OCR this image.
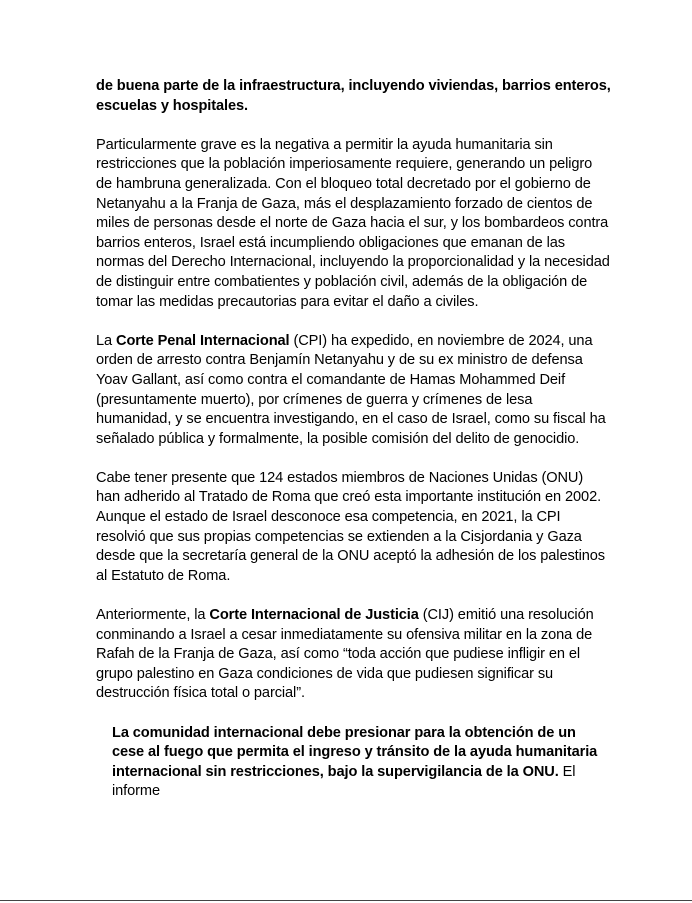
de buena parte de la infraestructura, incluyendo viviendas, barrios enteros, escuelas y hospitales.

Particularmente grave es la negativa a permitir la ayuda humanitaria sin restricciones que la población imperiosamente requiere, generando un peligro de hambruna generalizada. Con el bloqueo total decretado por el gobierno de Netanyahu a la Franja de Gaza, más el desplazamiento forzado de cientos de miles de personas desde el norte de Gaza hacia el sur, y los bombardeos contra barrios enteros, Israel está incumpliendo obligaciones que emanan de las normas del Derecho Internacional, incluyendo la proporcionalidad y la necesidad de distinguir entre combatientes y población civil, además de la obligación de tomar las medidas precautorias para evitar el daño a civiles.

La Corte Penal Internacional (CPI) ha expedido, en noviembre de 2024, una orden de arresto contra Benjamín Netanyahu y de su ex ministro de defensa Yoav Gallant, así como contra el comandante de Hamas Mohammed Deif (presuntamente muerto), por crímenes de guerra y crímenes de lesa humanidad, y se encuentra investigando, en el caso de Israel, como su fiscal ha señalado pública y formalmente, la posible comisión del delito de genocidio.

Cabe tener presente que 124 estados miembros de Naciones Unidas (ONU) han adherido al Tratado de Roma que creó esta importante institución en 2002. Aunque el estado de Israel desconoce esa competencia, en 2021, la CPI resolvió que sus propias competencias se extienden a la Cisjordania y Gaza desde que la secretaría general de la ONU aceptó la adhesión de los palestinos al Estatuto de Roma.

Anteriormente, la Corte Internacional de Justicia (CIJ) emitió una resolución conminando a Israel a cesar inmediatamente su ofensiva militar en la zona de Rafah de la Franja de Gaza, así como “toda acción que pudiese infligir en el grupo palestino en Gaza condiciones de vida que pudiesen significar su destrucción física total o parcial”.

La comunidad internacional debe presionar para la obtención de un cese al fuego que permita el ingreso y tránsito de la ayuda humanitaria internacional sin restricciones, bajo la supervigilancia de la ONU. El informe
